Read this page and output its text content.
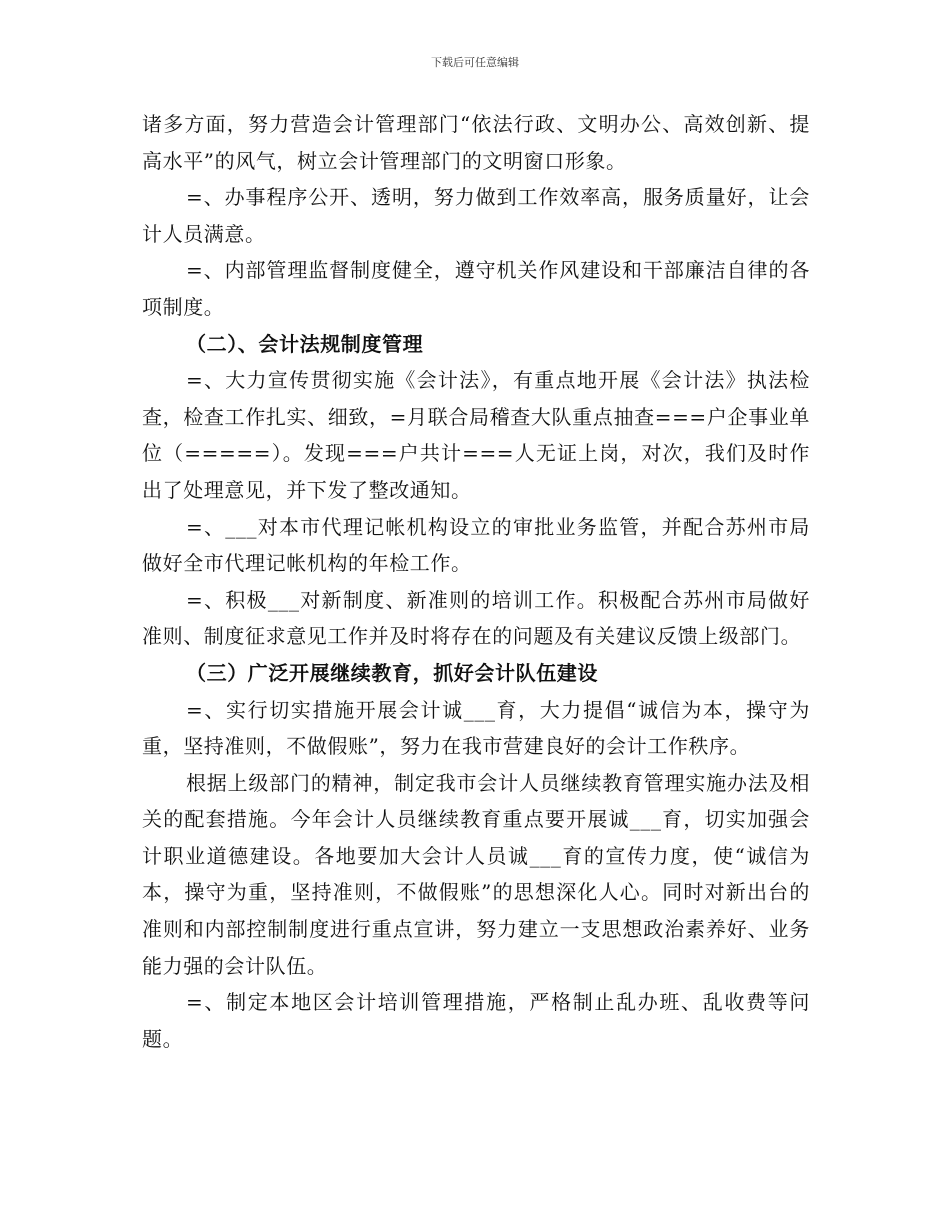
下载后可任意编辑

诸多方面，努力营造会计管理部门“依法行政、文明办公、高效创新、提高水平”的风气，树立会计管理部门的文明窗口形象。

=、办事程序公开、透明，努力做到工作效率高，服务质量好，让会计人员满意。

=、内部管理监督制度健全，遵守机关作风建设和干部廉洁自律的各项制度。

（二）、会计法规制度管理

=、大力宣传贯彻实施《会计法》，有重点地开展《会计法》执法检查，检查工作扎实、细致，=月联合局稽查大队重点抽查===户企事业单位（=====）。发现===户共计===人无证上岗，对次，我们及时作出了处理意见，并下发了整改通知。

=、___对本市代理记帐机构设立的审批业务监管，并配合苏州市局做好全市代理记帐机构的年检工作。

=、积极___对新制度、新准则的培训工作。积极配合苏州市局做好准则、制度征求意见工作并及时将存在的问题及有关建议反馈上级部门。

（三）广泛开展继续教育，抓好会计队伍建设

=、实行切实措施开展会计诚___育，大力提倡“诚信为本，操守为重，坚持准则，不做假账”，努力在我市营建良好的会计工作秩序。

根据上级部门的精神，制定我市会计人员继续教育管理实施办法及相关的配套措施。今年会计人员继续教育重点要开展诚___育，切实加强会计职业道德建设。各地要加大会计人员诚___育的宣传力度，使“诚信为本，操守为重，坚持准则，不做假账”的思想深化人心。同时对新出台的准则和内部控制制度进行重点宣讲，努力建立一支思想政治素养好、业务能力强的会计队伍。

=、制定本地区会计培训管理措施，严格制止乱办班、乱收费等问题。
